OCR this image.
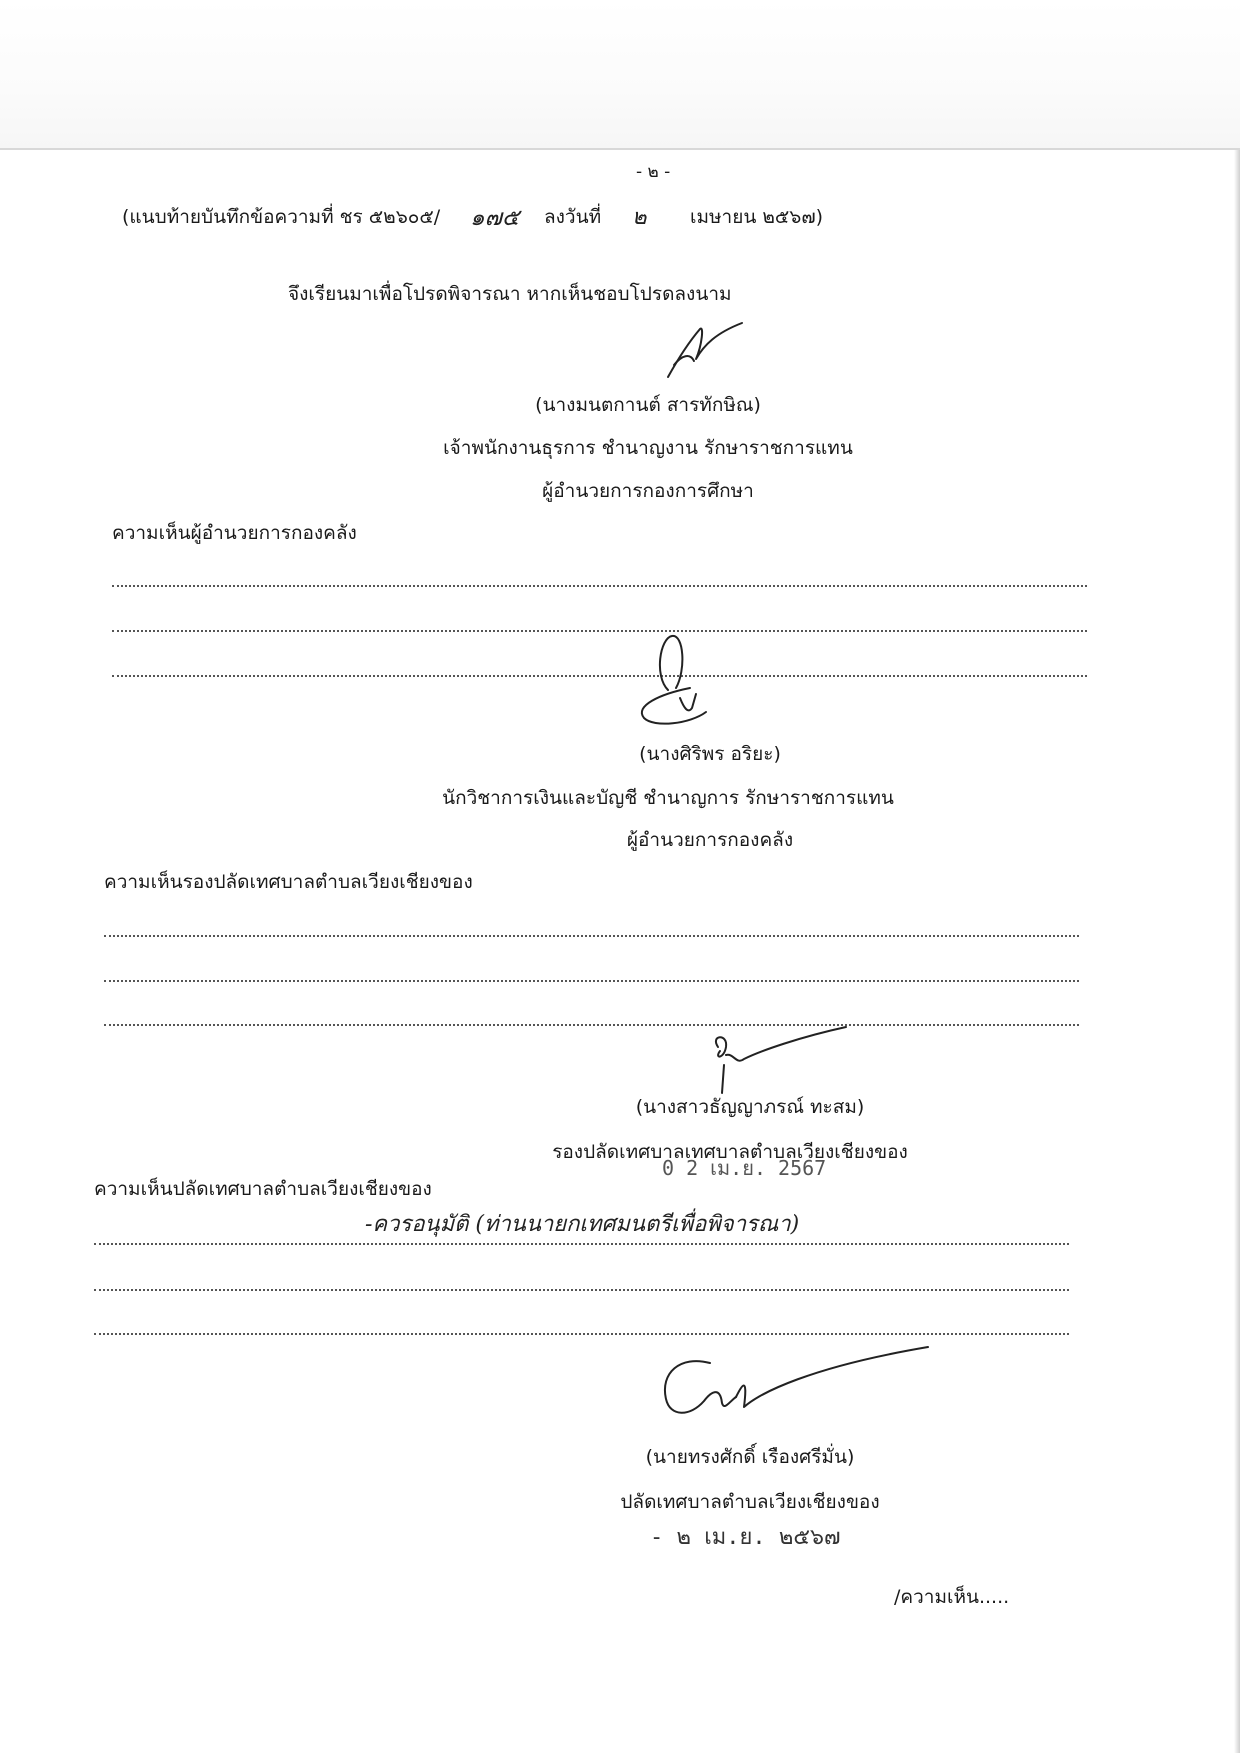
- ๒ -
(แนบท้ายบันทึกข้อความที่ ชร ๕๒๖๐๕/ ๑๗๕ ลงวันที่ ๒ เมษายน ๒๕๖๗)
จึงเรียนมาเพื่อโปรดพิจารณา หากเห็นชอบโปรดลงนาม
(นางมนตกานต์ สารทักษิณ)
เจ้าพนักงานธุรการ ชำนาญงาน รักษาราชการแทน
ผู้อำนวยการกองการศึกษา
ความเห็นผู้อำนวยการกองคลัง
(นางศิริพร อริยะ)
นักวิชาการเงินและบัญชี ชำนาญการ รักษาราชการแทน
ผู้อำนวยการกองคลัง
ความเห็นรองปลัดเทศบาลตำบลเวียงเชียงของ
(นางสาวธัญญาภรณ์ ทะสม)
รองปลัดเทศบาลเทศบาลตำบลเวียงเชียงของ
0 2 เม.ย. 2567
ความเห็นปลัดเทศบาลตำบลเวียงเชียงของ
-ควรอนุมัติ (ท่านนายกเทศมนตรีเพื่อพิจารณา)
(นายทรงศักดิ์ เรืองศรีมั่น)
ปลัดเทศบาลตำบลเวียงเชียงของ
- ๒ เม.ย. ๒๕๖๗
/ความเห็น.....
